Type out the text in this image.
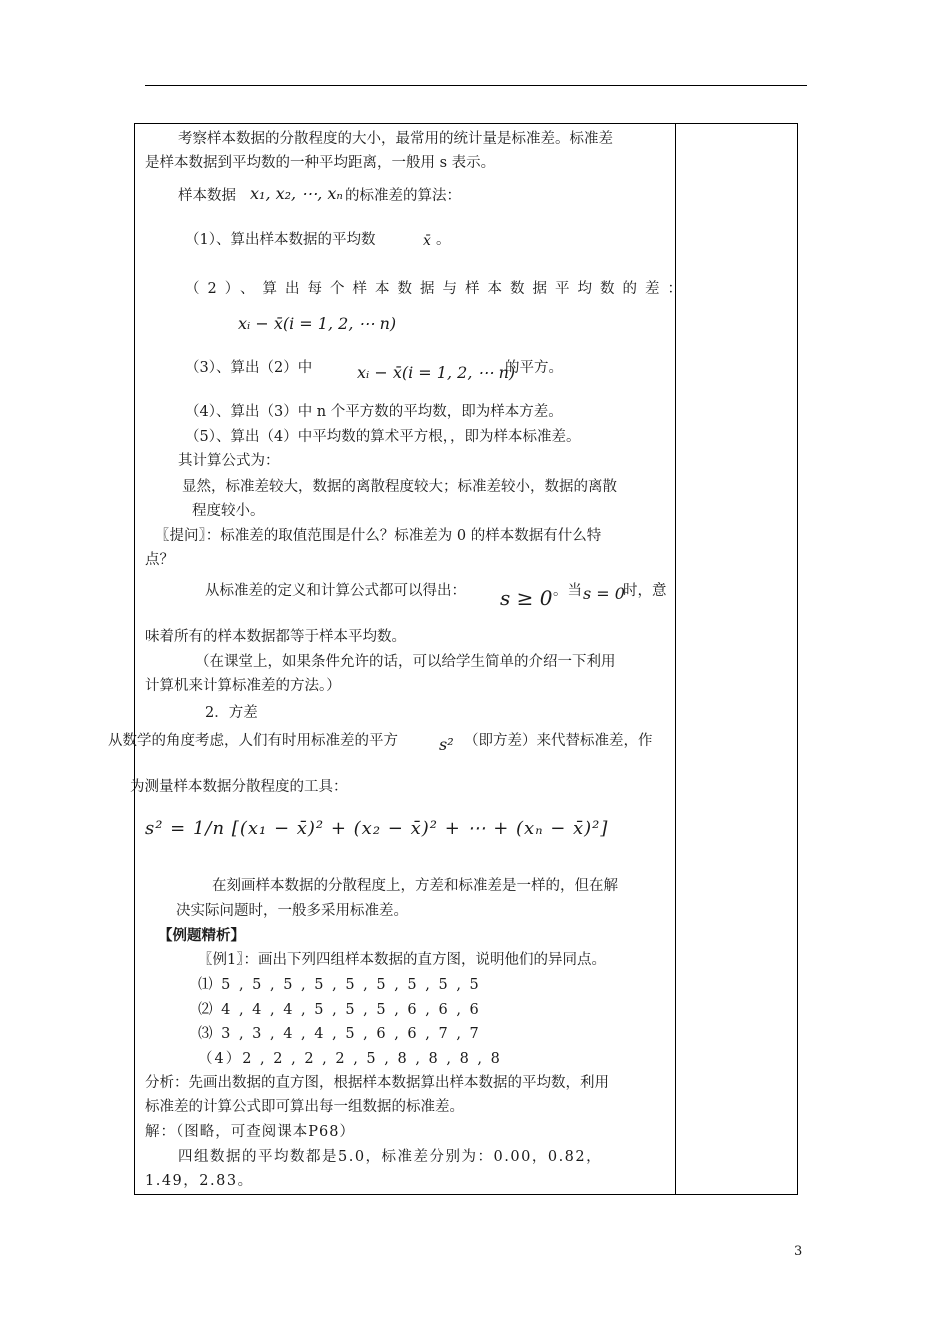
考察样本数据的分散程度的大小，最常用的统计量是标准差。标准差
是样本数据到平均数的一种平均距离，一般用 s 表示。
样本数据 x₁, x₂, ⋯, xₙ 的标准差的算法：
（1）、算出样本数据的平均数	x̄ 。
（2）、算出每个样本数据与样本数据平均数的差：
xᵢ − x̄(i = 1, 2, ⋯ n)
（3）、算出（2）中	xᵢ − x̄(i = 1, 2, ⋯ n)
的平方。
（4）、算出（3）中 n 个平方数的平均数，即为样本方差。
（5）、算出（4）中平均数的算术平方根，，即为样本标准差。
其计算公式为：
显然，标准差较大，数据的离散程度较大；标准差较小，数据的离散
程度较小。
〖提问〗：标准差的取值范围是什么？标准差为 0 的样本数据有什么特
点？
从标准差的定义和计算公式都可以得出： s ≥ 0 。当 s = 0
时，意
味着所有的样本数据都等于样本平均数。
（在课堂上，如果条件允许的话，可以给学生简单的介绍一下利用
计算机来计算标准差的方法。）
2．方差
从数学的角度考虑，人们有时用标准差的平方	s² （即方差）来代替标准差，作
为测量样本数据分散程度的工具：
s² = 1/n [(x₁ − x̄)² + (x₂ − x̄)² + ⋯ + (xₙ − x̄)²]
在刻画样本数据的分散程度上，方差和标准差是一样的，但在解
决实际问题时，一般多采用标准差。
【例题精析】
〖例1〗：画出下列四组样本数据的直方图，说明他们的异同点。
⑴ 5 , 5 , 5 , 5 , 5 , 5 , 5 , 5 , 5
⑵ 4 , 4 , 4 , 5 , 5 , 5 , 6 , 6 , 6
⑶ 3 , 3 , 4 , 4 , 5 , 6 , 6 , 7 , 7
（4）2 , 2 , 2 , 2 , 5 , 8 , 8 , 8 , 8
分析：先画出数据的直方图，根据样本数据算出样本数据的平均数，利用
标准差的计算公式即可算出每一组数据的标准差。
解：（图略，可查阅课本P68）
四组数据的平均数都是5.0，标准差分别为：0.00，0.82，
1.49，2.83。
3
